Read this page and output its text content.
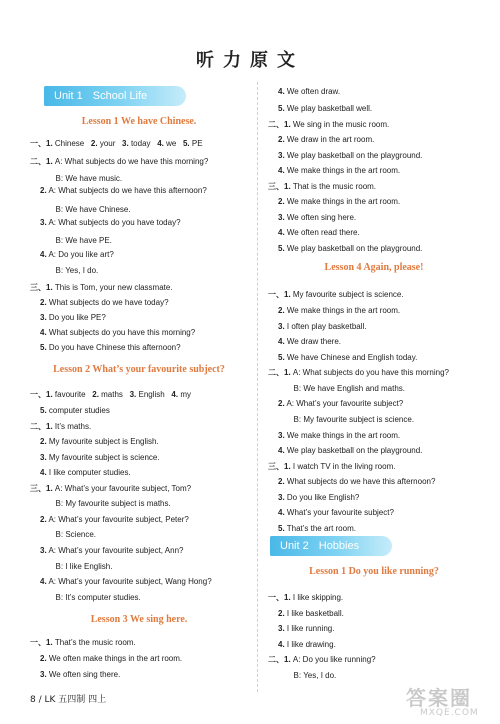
听力原文
Unit 1 School Life
Lesson 1 We have Chinese.
Lesson 2 What’s your favourite subject?
Lesson 3 We sing here.
一、1. Chinese   2. your   3. today   4. we   5. PE
二、1. A: What subjects do we have this morning?
B: We have music.
2. A: What subjects do we have this afternoon?
B: We have Chinese.
3. A: What subjects do you have today?
B: We have PE.
4. A: Do you like art?
B: Yes, I do.
三、1. This is Tom, your new classmate.
2. What subjects do we have today?
3. Do you like PE?
4. What subjects do you have this morning?
5. Do you have Chinese this afternoon?
一、1. favourite   2. maths   3. English   4. my
5. computer studies
二、1. It’s maths.
2. My favourite subject is English.
3. My favourite subject is science.
4. I like computer studies.
三、1. A: What’s your favourite subject, Tom?
B: My favourite subject is maths.
2. A: What’s your favourite subject, Peter?
B: Science.
3. A: What’s your favourite subject, Ann?
B: I like English.
4. A: What’s your favourite subject, Wang Hong?
B: It’s computer studies.
一、1. That’s the music room.
2. We often make things in the art room.
3. We often sing there.
Lesson 4 Again, please!
Unit 2 Hobbies
Lesson 1 Do you like running?
4. We often draw.
5. We play basketball well.
二、1. We sing in the music room.
2. We draw in the art room.
3. We play basketball on the playground.
4. We make things in the art room.
三、1. That is the music room.
2. We make things in the art room.
3. We often sing here.
4. We often read there.
5. We play basketball on the playground.
一、1. My favourite subject is science.
2. We make things in the art room.
3. I often play basketball.
4. We draw there.
5. We have Chinese and English today.
二、1. A: What subjects do you have this morning?
B: We have English and maths.
2. A: What’s your favourite subject?
B: My favourite subject is science.
3. We make things in the art room.
4. We play basketball on the playground.
三、1. I watch TV in the living room.
2. What subjects do we have this afternoon?
3. Do you like English?
4. What’s your favourite subject?
5. That’s the art room.
一、1. I like skipping.
2. I like basketball.
3. I like running.
4. I like drawing.
二、1. A: Do you like running?
B: Yes, I do.
8 / LK 五四制 四上	答案圈
MXQE.COM
